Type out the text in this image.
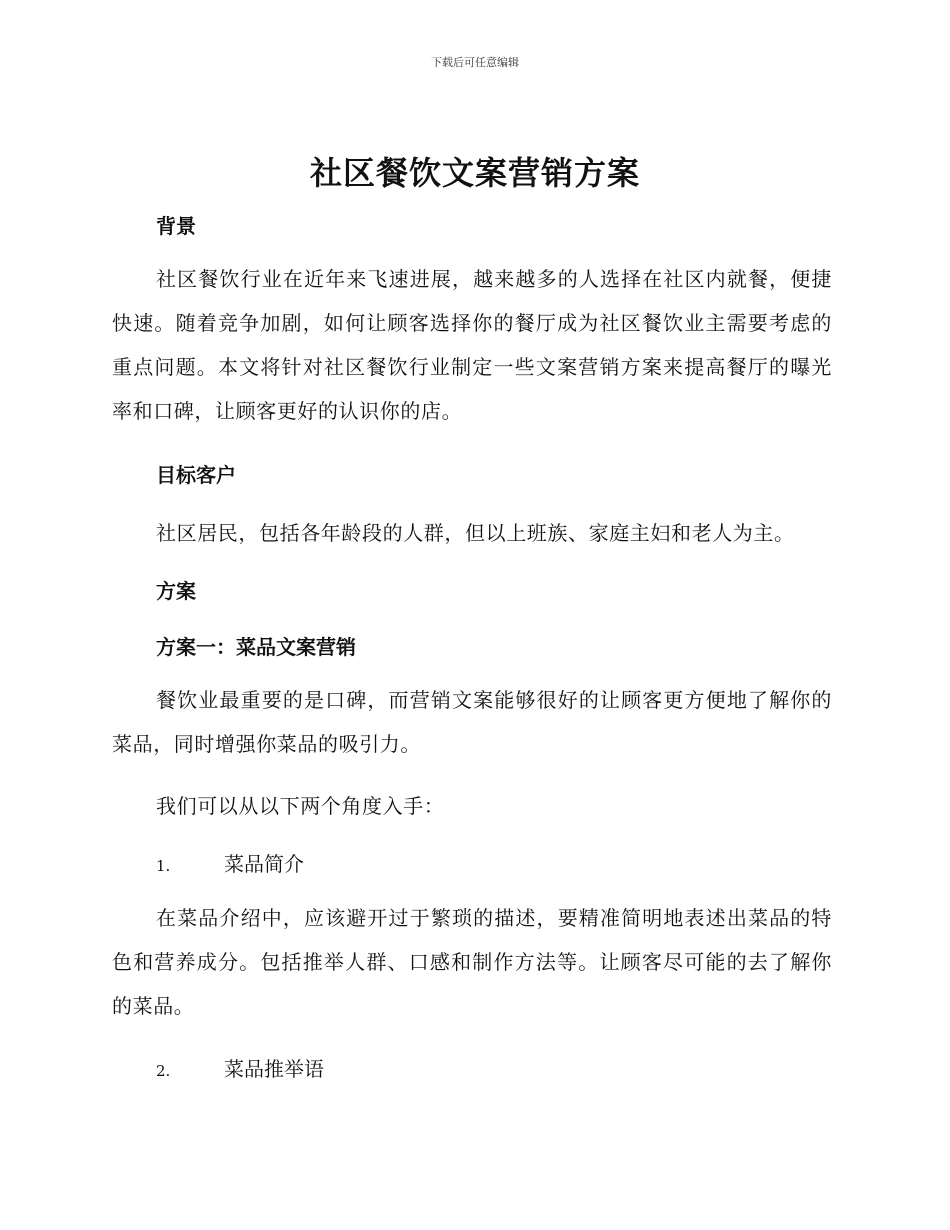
下载后可任意编辑
社区餐饮文案营销方案
背景

社区餐饮行业在近年来飞速进展，越来越多的人选择在社区内就餐，便捷快速。随着竞争加剧，如何让顾客选择你的餐厅成为社区餐饮业主需要考虑的重点问题。本文将针对社区餐饮行业制定一些文案营销方案来提高餐厅的曝光率和口碑，让顾客更好的认识你的店。

目标客户
社区居民，包括各年龄段的人群，但以上班族、家庭主妇和老人为主。
方案
方案一：菜品文案营销

餐饮业最重要的是口碑，而营销文案能够很好的让顾客更方便地了解你的菜品，同时增强你菜品的吸引力。

我们可以从以下两个角度入手：
1.	菜品简介

在菜品介绍中，应该避开过于繁琐的描述，要精准简明地表述出菜品的特色和营养成分。包括推举人群、口感和制作方法等。让顾客尽可能的去了解你的菜品。

2.	菜品推举语
